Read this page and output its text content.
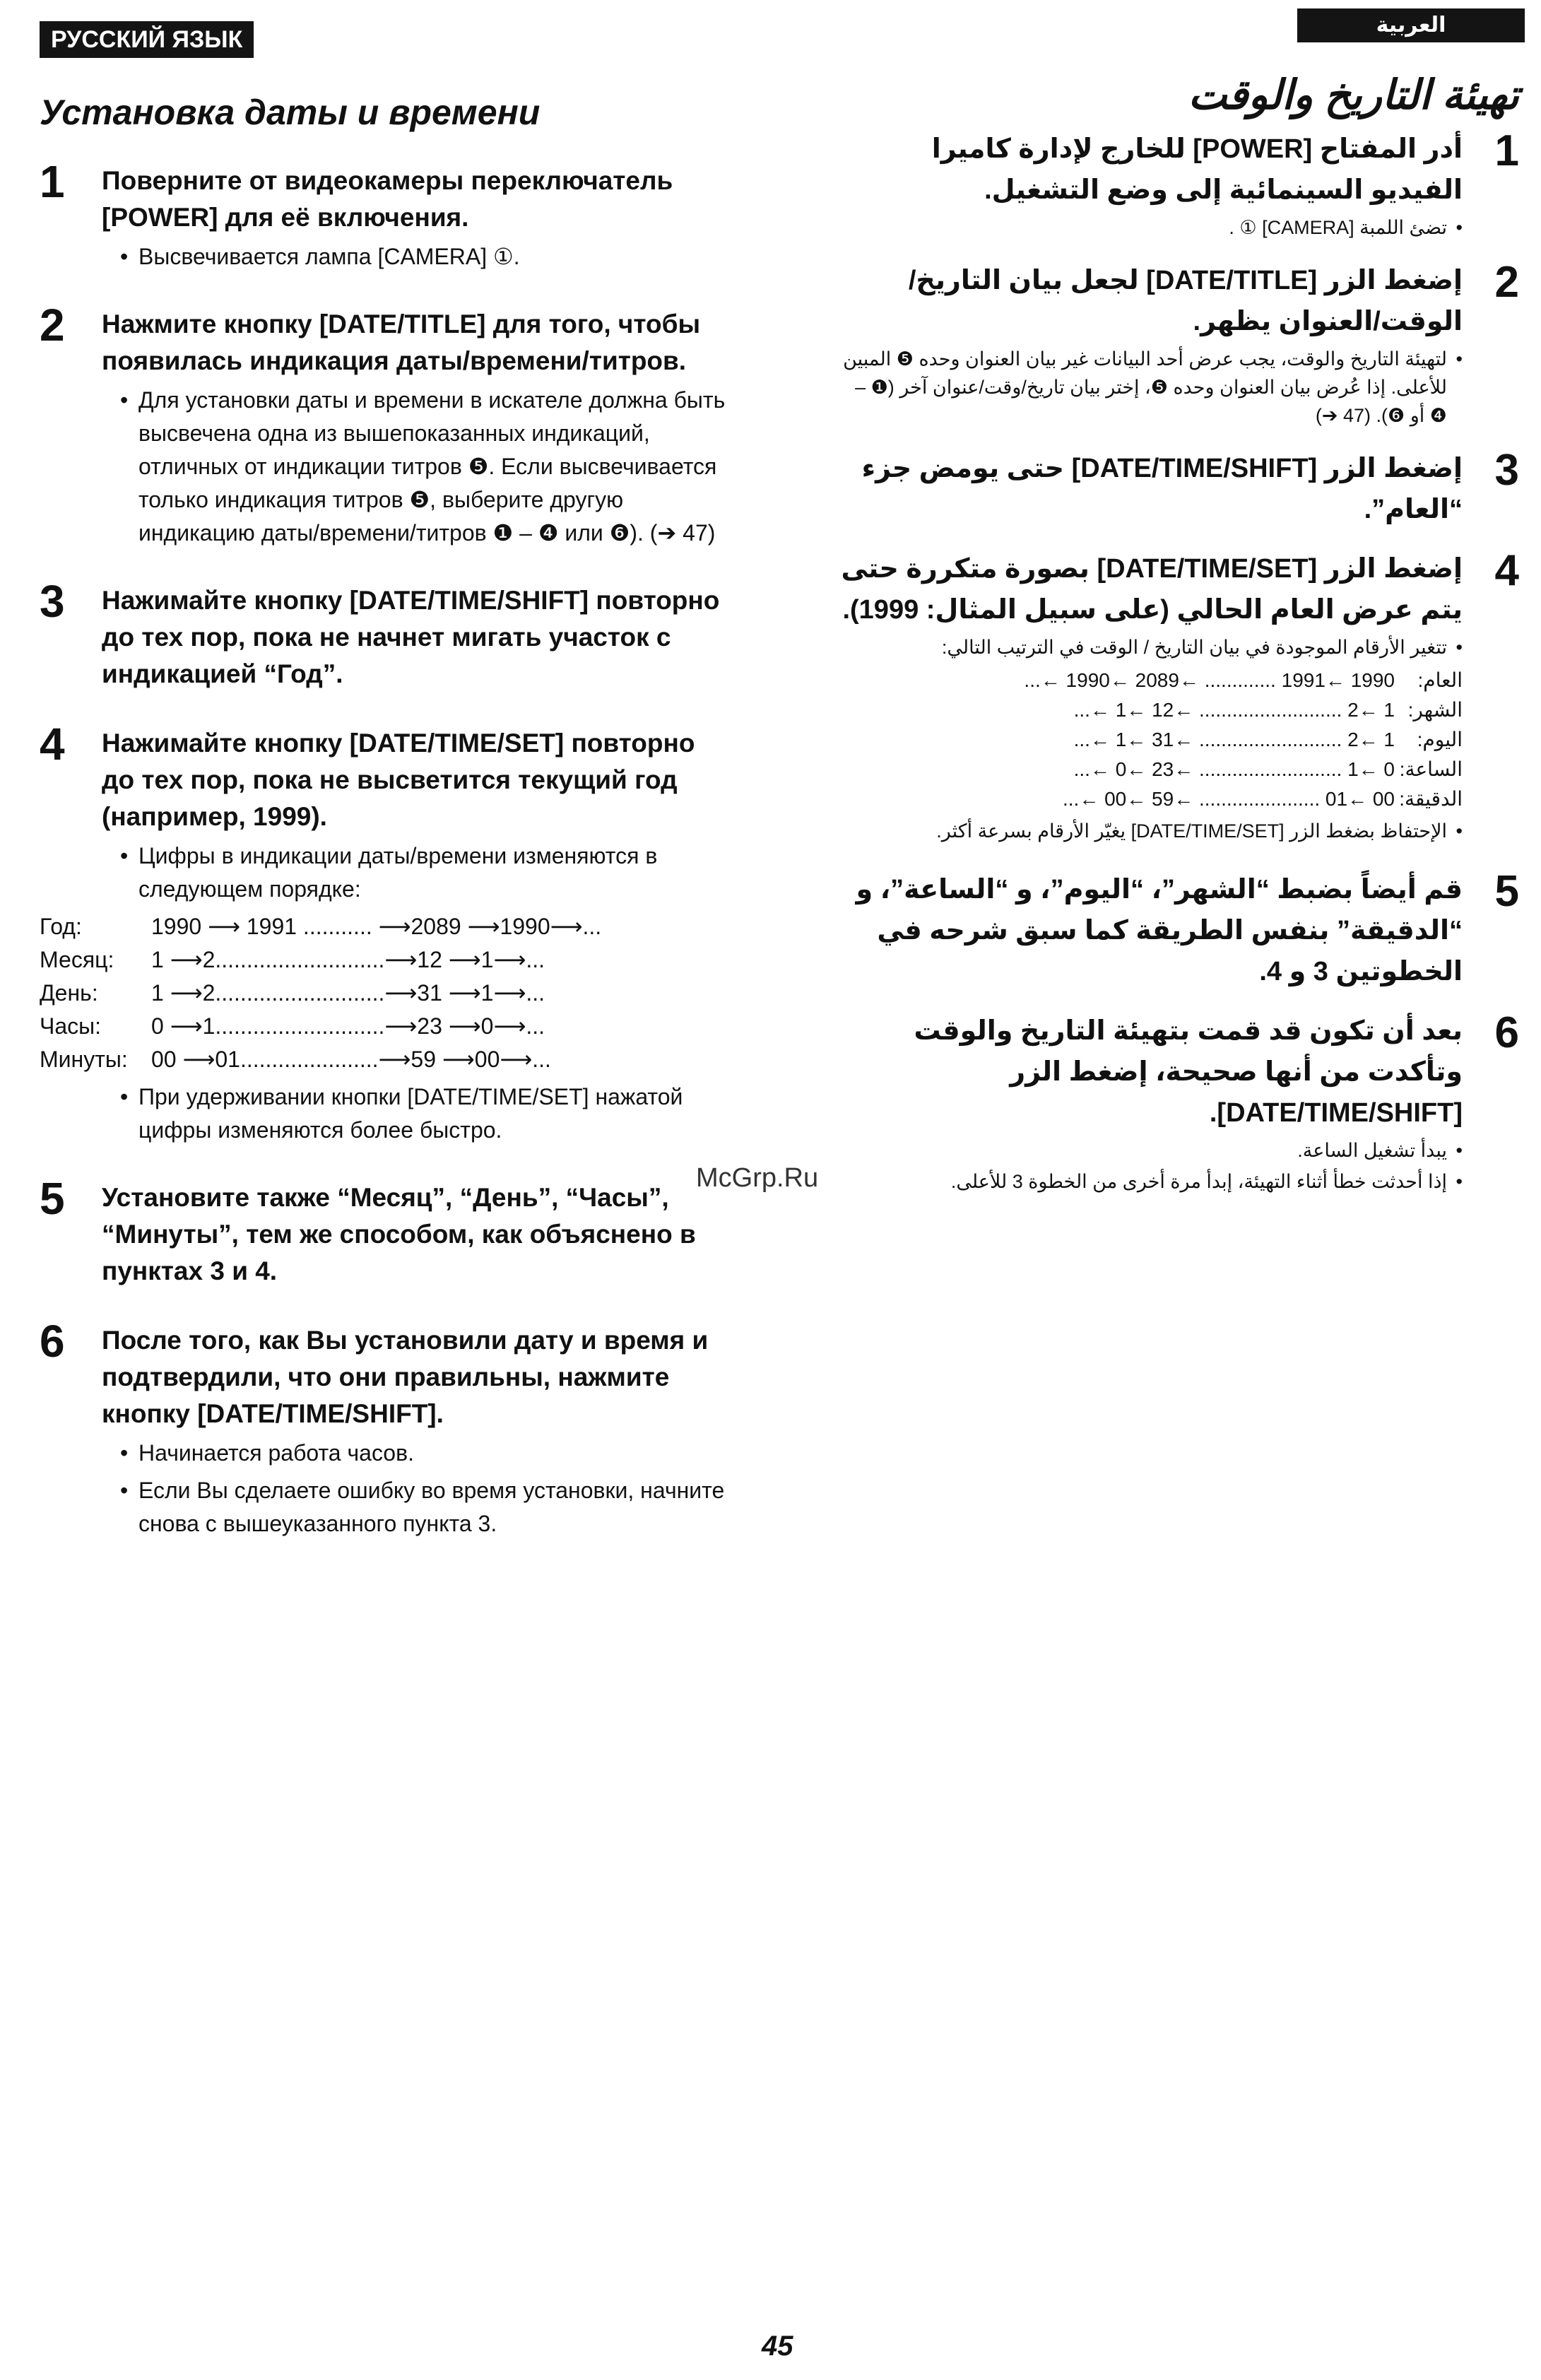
РУССКИЙ ЯЗЫК
العربية
Установка даты и времени
1 Поверните от видеокамеры переключатель [POWER] для её включения.

• Высвечивается лампа [CAMERA] ①.
2 Нажмите кнопку [DATE/TITLE] для того, чтобы появилась индикация даты/времени/титров.

• Для установки даты и времени в искателе должна быть высвечена одна из вышепоказанных индикаций, отличных от индикации титров ❺. Если высвечивается только индикация титров ❺, выберите другую индикацию даты/времени/титров ❶ – ❹ или ❻). (➔ 47)
3 Нажимайте кнопку [DATE/TIME/SHIFT] повторно до тех пор, пока не начнет мигать участок с индикацией “Год”.

4 Нажимайте кнопку [DATE/TIME/SET] повторно до тех пор, пока не высветится текущий год (например, 1999).

• Цифры в индикации даты/времени изменяются в следующем порядке:
Год:	1990 ⟶ 1991 ........... ⟶2089 ⟶1990⟶...
Месяц:	1 ⟶2...........................⟶12 ⟶1⟶...
День:	1 ⟶2...........................⟶31 ⟶1⟶...
Часы:	0 ⟶1...........................⟶23 ⟶0⟶...
Минуты:	00 ⟶01......................⟶59 ⟶00⟶...
• При удерживании кнопки [DATE/TIME/SET] нажатой цифры изменяются более быстро.
5 Установите также “Месяц”, “День”, “Часы”, “Минуты”, тем же способом, как объяснено в пунктах 3 и 4.

6 После того, как Вы установили дату и время и подтвердили, что они правильны, нажмите кнопку [DATE/TIME/SHIFT].

• Начинается работа часов.
• Если Вы сделаете ошибку во время установки, начните снова с вышеуказанного пункта 3.
تهيئة التاريخ والوقت
1

أدر المفتاح [POWER] للخارج لإدارة كاميرا الفيديو السينمائية إلى وضع التشغيل.

• تضئ اللمبة [CAMERA] ① .
2

إضغط الزر [DATE/TITLE] لجعل بيان التاريخ/الوقت/العنوان يظهر.

• لتهيئة التاريخ والوقت، يجب عرض أحد البيانات غير بيان العنوان وحده ❺ المبين للأعلى. إذا عُرض بيان العنوان وحده ❺، إختر بيان تاريخ/وقت/عنوان آخر (❶ – ❹ أو ❻). (47 ➔)
3

إضغط الزر [DATE/TIME/SHIFT] حتى يومض جزء “العام”.

4

إضغط الزر [DATE/TIME/SET] بصورة متكررة حتى يتم عرض العام الحالي (على سبيل المثال: 1999).

• تتغير الأرقام الموجودة في بيان التاريخ / الوقت في الترتيب التالي:
العام:	1990 ←1991 ............. ←2089 ←1990 ←...
الشهر:	1 ←2 .......................... ←12 ←1 ←...
اليوم:	1 ←2 .......................... ←31 ←1 ←...
الساعة:	0 ←1 .......................... ←23 ←0 ←...
الدقيقة:	00 ←01 ...................... ←59 ←00 ←...
• الإحتفاظ بضغط الزر [DATE/TIME/SET] يغيّر الأرقام بسرعة أكثر.
5

قم أيضاً بضبط “الشهر”، “اليوم”، و “الساعة”، و “الدقيقة” بنفس الطريقة كما سبق شرحه في الخطوتين 3 و 4.

6

بعد أن تكون قد قمت بتهيئة التاريخ والوقت وتأكدت من أنها صحيحة، إضغط الزر [DATE/TIME/SHIFT].

• يبدأ تشغيل الساعة.
• إذا أحدثت خطأ أثناء التهيئة، إبدأ مرة أخرى من الخطوة 3 للأعلى.
McGrp.Ru
45
